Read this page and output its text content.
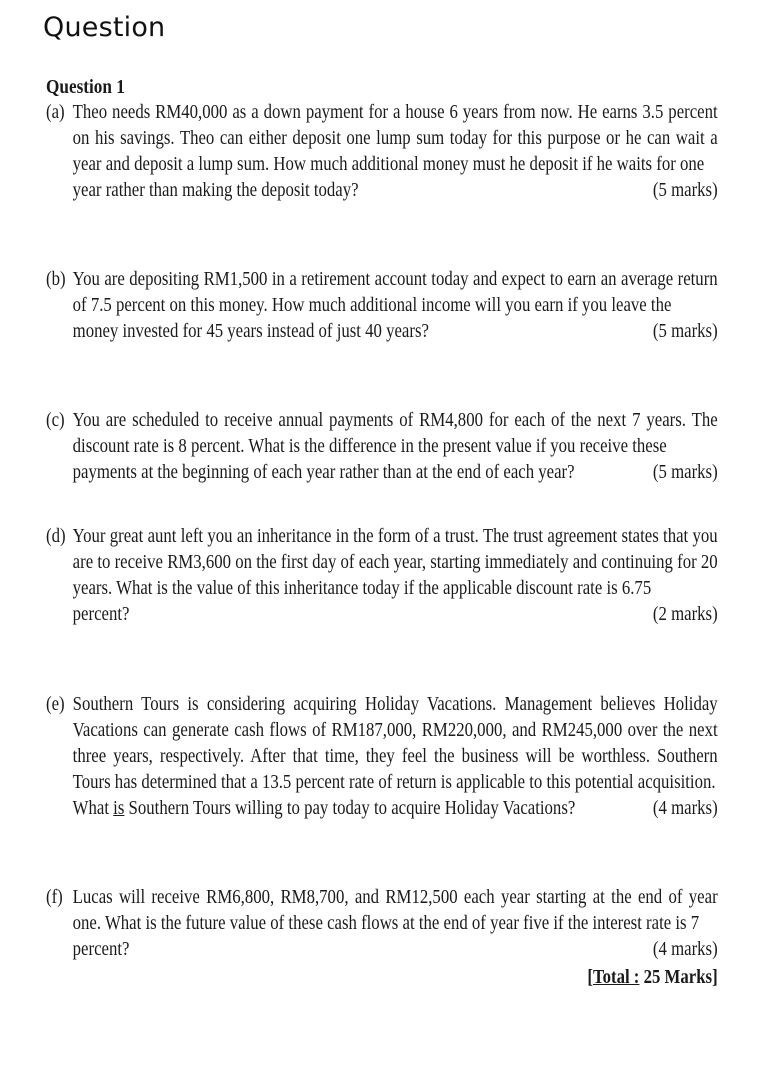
Question
Question 1
(a) Theo needs RM40,000 as a down payment for a house 6 years from now. He earns 3.5 percent on his savings. Theo can either deposit one lump sum today for this purpose or he can wait a year and deposit a lump sum. How much additional money must he deposit if he waits for one
year rather than making the deposit today?	(5 marks)
(b) You are depositing RM1,500 in a retirement account today and expect to earn an average return of 7.5 percent on this money. How much additional income will you earn if you leave the
money invested for 45 years instead of just 40 years?	(5 marks)
(c) You are scheduled to receive annual payments of RM4,800 for each of the next 7 years. The discount rate is 8 percent. What is the difference in the present value if you receive these
payments at the beginning of each year rather than at the end of each year?	(5 marks)
(d) Your great aunt left you an inheritance in the form of a trust. The trust agreement states that you are to receive RM3,600 on the first day of each year, starting immediately and continuing for 20 years. What is the value of this inheritance today if the applicable discount rate is 6.75
percent?	(2 marks)
(e) Southern Tours is considering acquiring Holiday Vacations. Management believes Holiday Vacations can generate cash flows of RM187,000, RM220,000, and RM245,000 over the next three years, respectively. After that time, they feel the business will be worthless. Southern Tours has determined that a 13.5 percent rate of return is applicable to this potential acquisition.
What is Southern Tours willing to pay today to acquire Holiday Vacations?	(4 marks)
(f) Lucas will receive RM6,800, RM8,700, and RM12,500 each year starting at the end of year one. What is the future value of these cash flows at the end of year five if the interest rate is 7
percent?	(4 marks)
[Total : 25 Marks]
